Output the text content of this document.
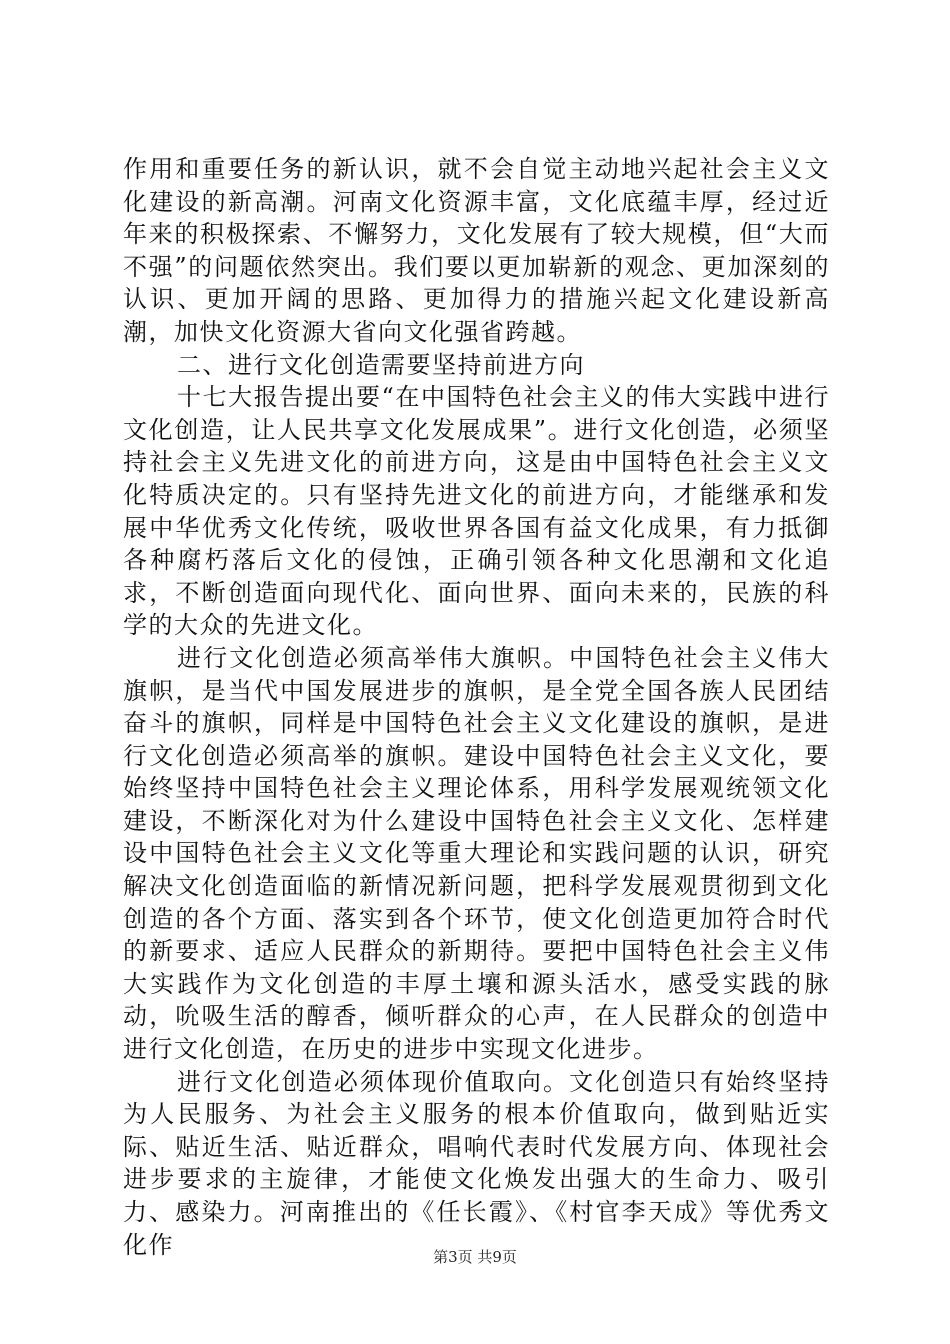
作用和重要任务的新认识，就不会自觉主动地兴起社会主义文化建设的新高潮。河南文化资源丰富，文化底蕴丰厚，经过近年来的积极探索、不懈努力，文化发展有了较大规模，但“大而不强”的问题依然突出。我们要以更加崭新的观念、更加深刻的认识、更加开阔的思路、更加得力的措施兴起文化建设新高潮，加快文化资源大省向文化强省跨越。

二、进行文化创造需要坚持前进方向

十七大报告提出要“在中国特色社会主义的伟大实践中进行文化创造，让人民共享文化发展成果”。进行文化创造，必须坚持社会主义先进文化的前进方向，这是由中国特色社会主义文化特质决定的。只有坚持先进文化的前进方向，才能继承和发展中华优秀文化传统，吸收世界各国有益文化成果，有力抵御各种腐朽落后文化的侵蚀，正确引领各种文化思潮和文化追求，不断创造面向现代化、面向世界、面向未来的，民族的科学的大众的先进文化。

进行文化创造必须高举伟大旗帜。中国特色社会主义伟大旗帜，是当代中国发展进步的旗帜，是全党全国各族人民团结奋斗的旗帜，同样是中国特色社会主义文化建设的旗帜，是进行文化创造必须高举的旗帜。建设中国特色社会主义文化，要始终坚持中国特色社会主义理论体系，用科学发展观统领文化建设，不断深化对为什么建设中国特色社会主义文化、怎样建设中国特色社会主义文化等重大理论和实践问题的认识，研究解决文化创造面临的新情况新问题，把科学发展观贯彻到文化创造的各个方面、落实到各个环节，使文化创造更加符合时代的新要求、适应人民群众的新期待。要把中国特色社会主义伟大实践作为文化创造的丰厚土壤和源头活水，感受实践的脉动，吮吸生活的醇香，倾听群众的心声，在人民群众的创造中进行文化创造，在历史的进步中实现文化进步。

进行文化创造必须体现价值取向。文化创造只有始终坚持为人民服务、为社会主义服务的根本价值取向，做到贴近实际、贴近生活、贴近群众，唱响代表时代发展方向、体现社会进步要求的主旋律，才能使文化焕发出强大的生命力、吸引力、感染力。河南推出的《任长霞》、《村官李天成》等优秀文化作	第3页 共9页
